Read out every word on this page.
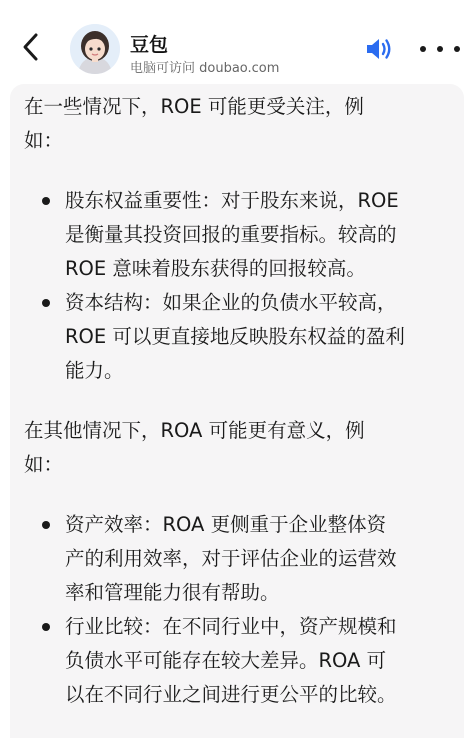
豆包
电脑可访问 doubao.com

在一些情况下，ROE 可能更受关注，例如：

股东权益重要性：对于股东来说，ROE 是衡量其投资回报的重要指标。较高的 ROE 意味着股东获得的回报较高。
资本结构：如果企业的负债水平较高，ROE 可以更直接地反映股东权益的盈利能力。

在其他情况下，ROA 可能更有意义，例如：

资产效率：ROA 更侧重于企业整体资产的利用效率，对于评估企业的运营效率和管理能力很有帮助。
行业比较：在不同行业中，资产规模和负债水平可能存在较大差异。ROA 可以在不同行业之间进行更公平的比较。
